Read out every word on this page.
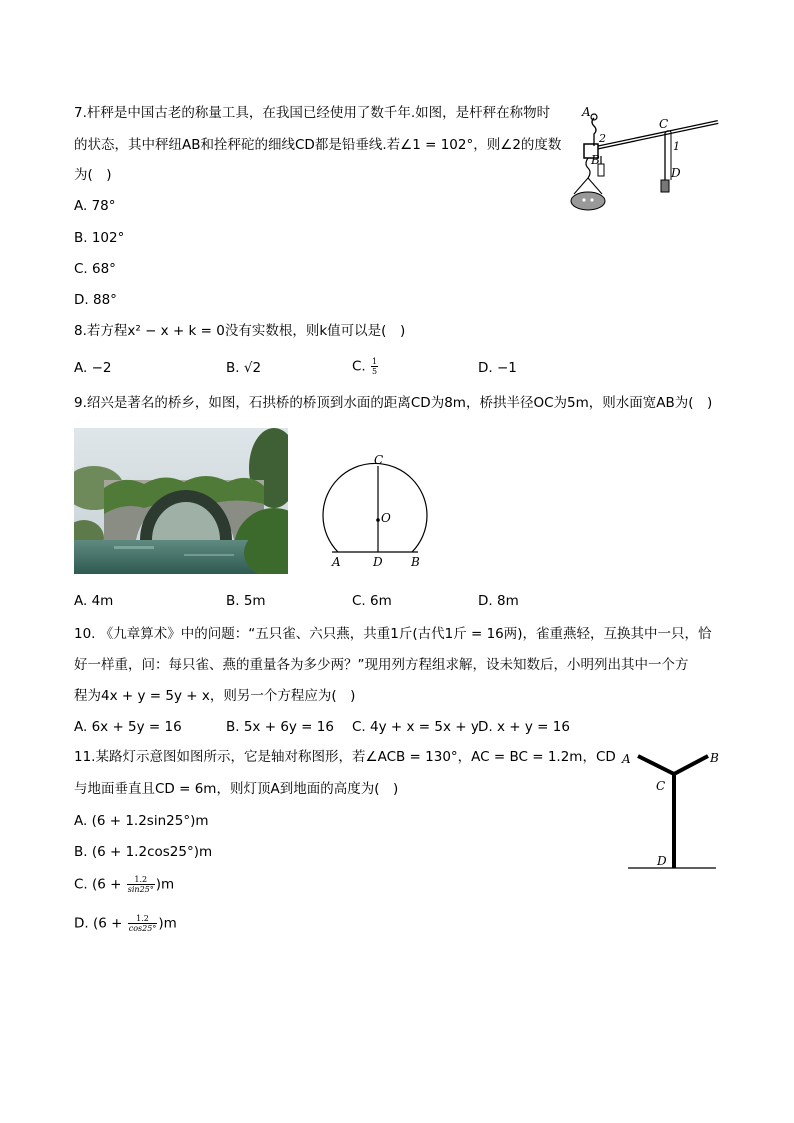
7.杆秤是中国古老的称量工具，在我国已经使用了数千年.如图，是杆秤在称物时
的状态，其中秤纽AB和拴秤砣的细线CD都是铅垂线.若∠1 = 102°，则∠2的度数
为(　)
A. 78°
B. 102°
C. 68°
D. 88°
A
2
B
C
1
D
8.若方程x² − x + k = 0没有实数根，则k值可以是(　)
A. −2	B. √2	C. $\frac{1}{5}$	D. −1
9.绍兴是著名的桥乡，如图，石拱桥的桥顶到水面的距离CD为8m，桥拱半径OC为5m，则水面宽AB为(　)
C
O
A	D B
A. 4m	B. 5m	C. 6m	D. 8m
10. 《九章算术》中的问题：“五只雀、六只燕，共重1斤(古代1斤 = 16两)，雀重燕轻，互换其中一只，恰
好一样重，问：每只雀、燕的重量各为多少两？”现用列方程组求解，设未知数后，小明列出其中一个方
程为4x + y = 5y + x，则另一个方程应为(　)
A. 6x + 5y = 16	B. 5x + 6y = 16 C. 4y + x = 5x + y D. x + y = 16
11.某路灯示意图如图所示，它是轴对称图形，若∠ACB = 130°，AC = BC = 1.2m，CD
与地面垂直且CD = 6m，则灯顶A到地面的高度为(　)
A. (6 + 1.2sin25°)m
B. (6 + 1.2cos25°)m
C. $(6 + \frac{1.2}{\sin 25^\circ} )m$
D. $(6 + \frac{1.2}{\cos 25^\circ} )m$
A	B
C
D
